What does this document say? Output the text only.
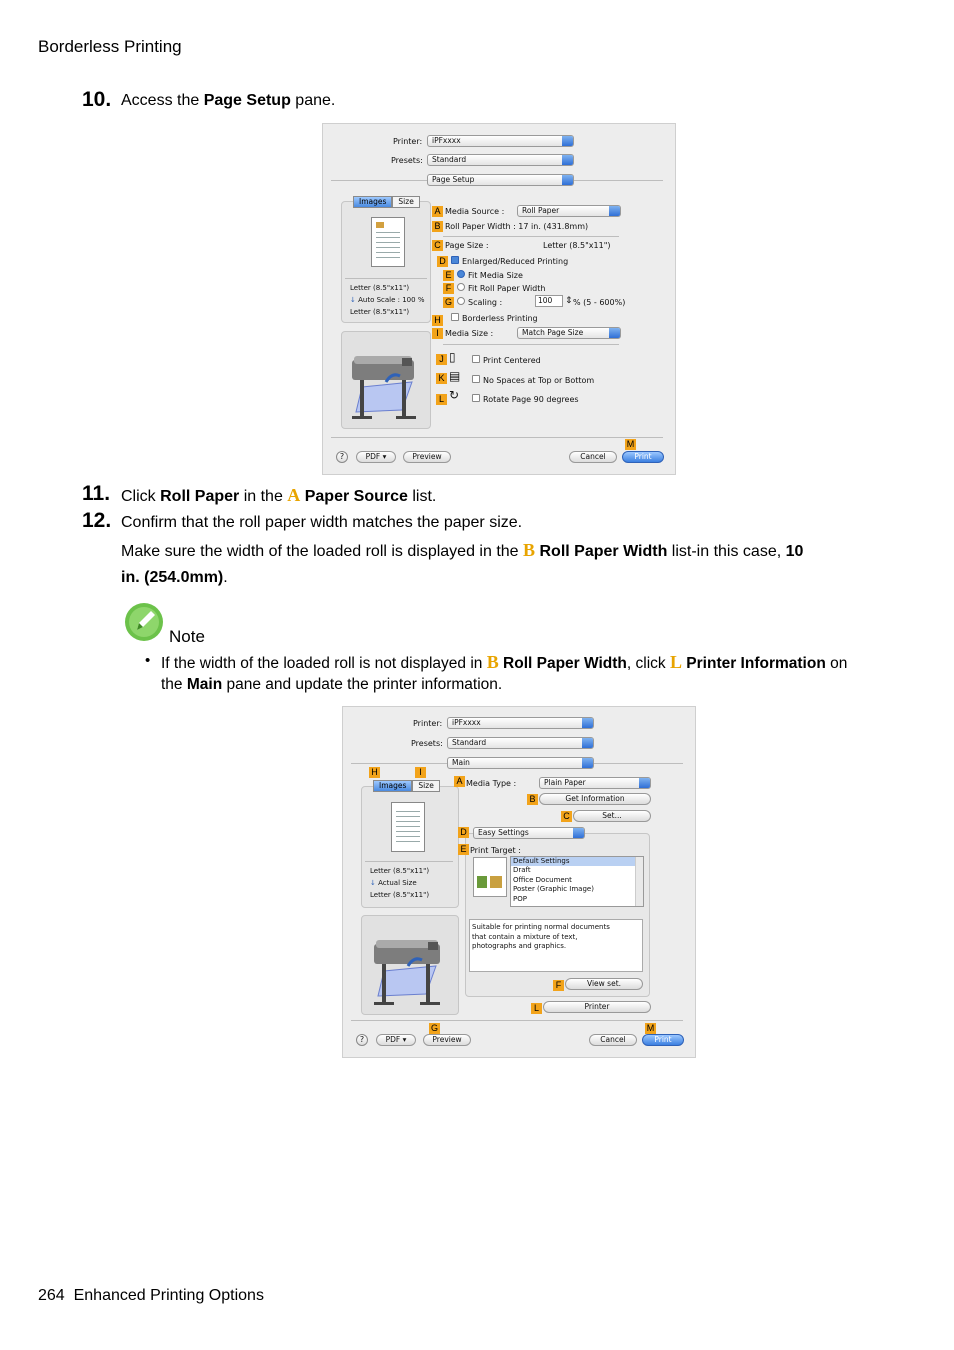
Borderless Printing
10. Access the Page Setup pane.
Printer:	iPFxxxx
Presets:	Standard
Page Setup
Images	Size
Letter (8.5"x11")
↓ Auto Scale : 100 %
Letter (8.5"x11")
A Media Source :	Roll Paper
B Roll Paper Width : 17 in. (431.8mm)
C Page Size :	Letter (8.5"x11")
D Enlarged/Reduced Printing
E	Fit Media Size
F	Fit Roll Paper Width
G Scaling :	100	⇕ % (5 - 600%)
Borderless Printing
H
I Media Size :	Match Page Size
J ▯	Print Centered
K ▤	No Spaces at Top or Bottom
L ↻	Rotate Page 90 degrees
M
?	PDF ▾	Preview	Cancel	Print
11. Click Roll Paper in the A Paper Source list.
12. Confirm that the roll paper width matches the paper size.
Make sure the width of the loaded roll is displayed in the B Roll Paper Width list-in this case, 10
in. (254.0mm).
Note
• If the width of the loaded roll is not displayed in B Roll Paper Width, click L Printer Information on
the Main pane and update the printer information.
Printer:	iPFxxxx
Presets:	Standard
Main
H	I
Images	Size
Letter (8.5"x11")
↓ Actual Size
Letter (8.5"x11")
A Media Type :	Plain Paper
B	Get Information
C	Set...
D	Easy Settings
E Print Target :
Default Settings
Draft
Office Document
Poster (Graphic Image)
POP
Suitable for printing normal documents
that contain a mixture of text,
photographs and graphics.
F	View set.
L	Printer
G	M
?	PDF ▾	Preview	Cancel	Print
264 Enhanced Printing Options
